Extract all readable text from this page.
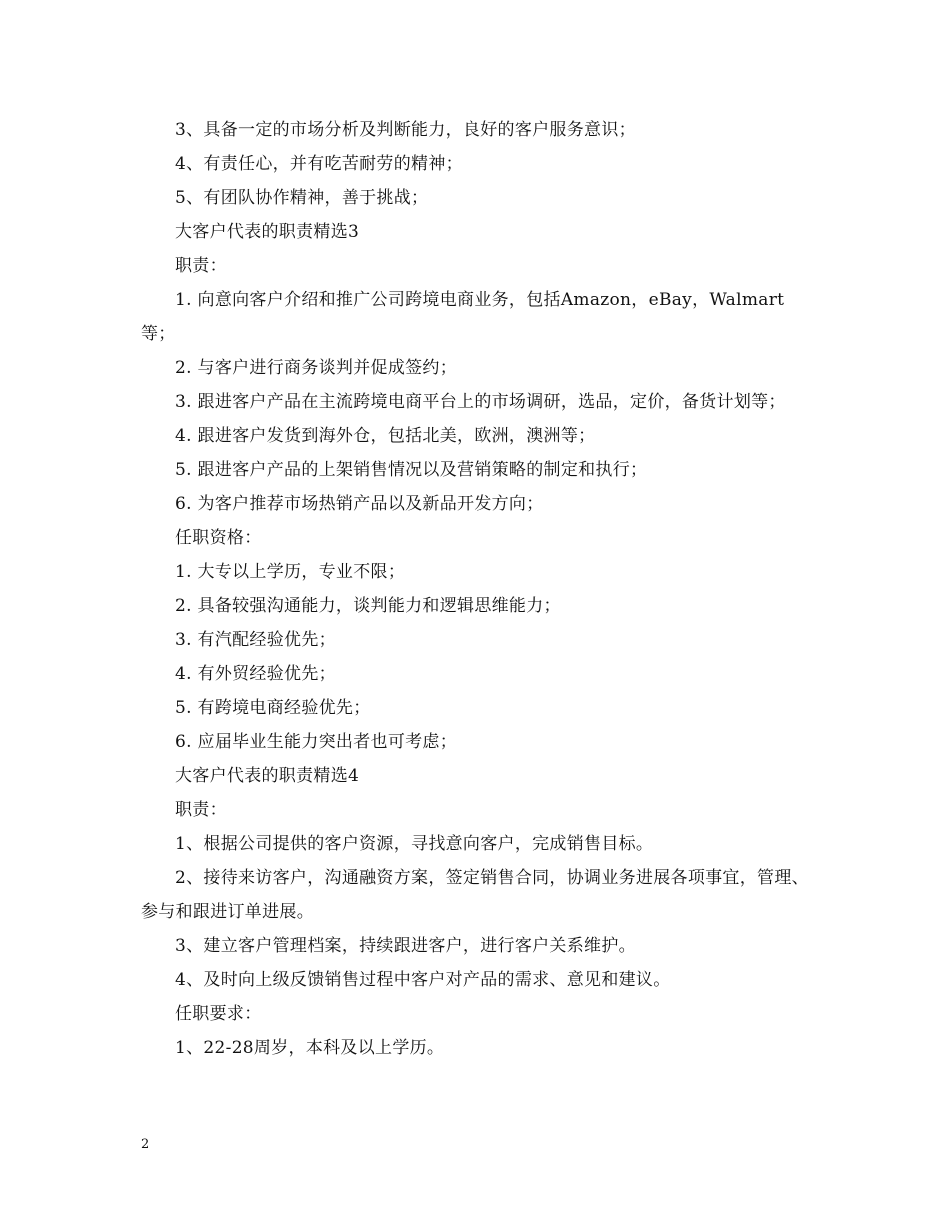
3、具备一定的市场分析及判断能力，良好的客户服务意识；

4、有责任心，并有吃苦耐劳的精神；

5、有团队协作精神，善于挑战；

大客户代表的职责精选3

职责：

1. 向意向客户介绍和推广公司跨境电商业务，包括Amazon，eBay，Walmart等；

2. 与客户进行商务谈判并促成签约；

3. 跟进客户产品在主流跨境电商平台上的市场调研，选品，定价，备货计划等；

4. 跟进客户发货到海外仓，包括北美，欧洲，澳洲等；

5. 跟进客户产品的上架销售情况以及营销策略的制定和执行；

6. 为客户推荐市场热销产品以及新品开发方向；

任职资格：

1. 大专以上学历，专业不限；

2. 具备较强沟通能力，谈判能力和逻辑思维能力；

3. 有汽配经验优先；

4. 有外贸经验优先；

5. 有跨境电商经验优先；

6. 应届毕业生能力突出者也可考虑；

大客户代表的职责精选4

职责：

1、根据公司提供的客户资源，寻找意向客户，完成销售目标。

2、接待来访客户，沟通融资方案，签定销售合同，协调业务进展各项事宜，管理、参与和跟进订单进展。

3、建立客户管理档案，持续跟进客户，进行客户关系维护。

4、及时向上级反馈销售过程中客户对产品的需求、意见和建议。

任职要求：

1、22-28周岁，本科及以上学历。

2
